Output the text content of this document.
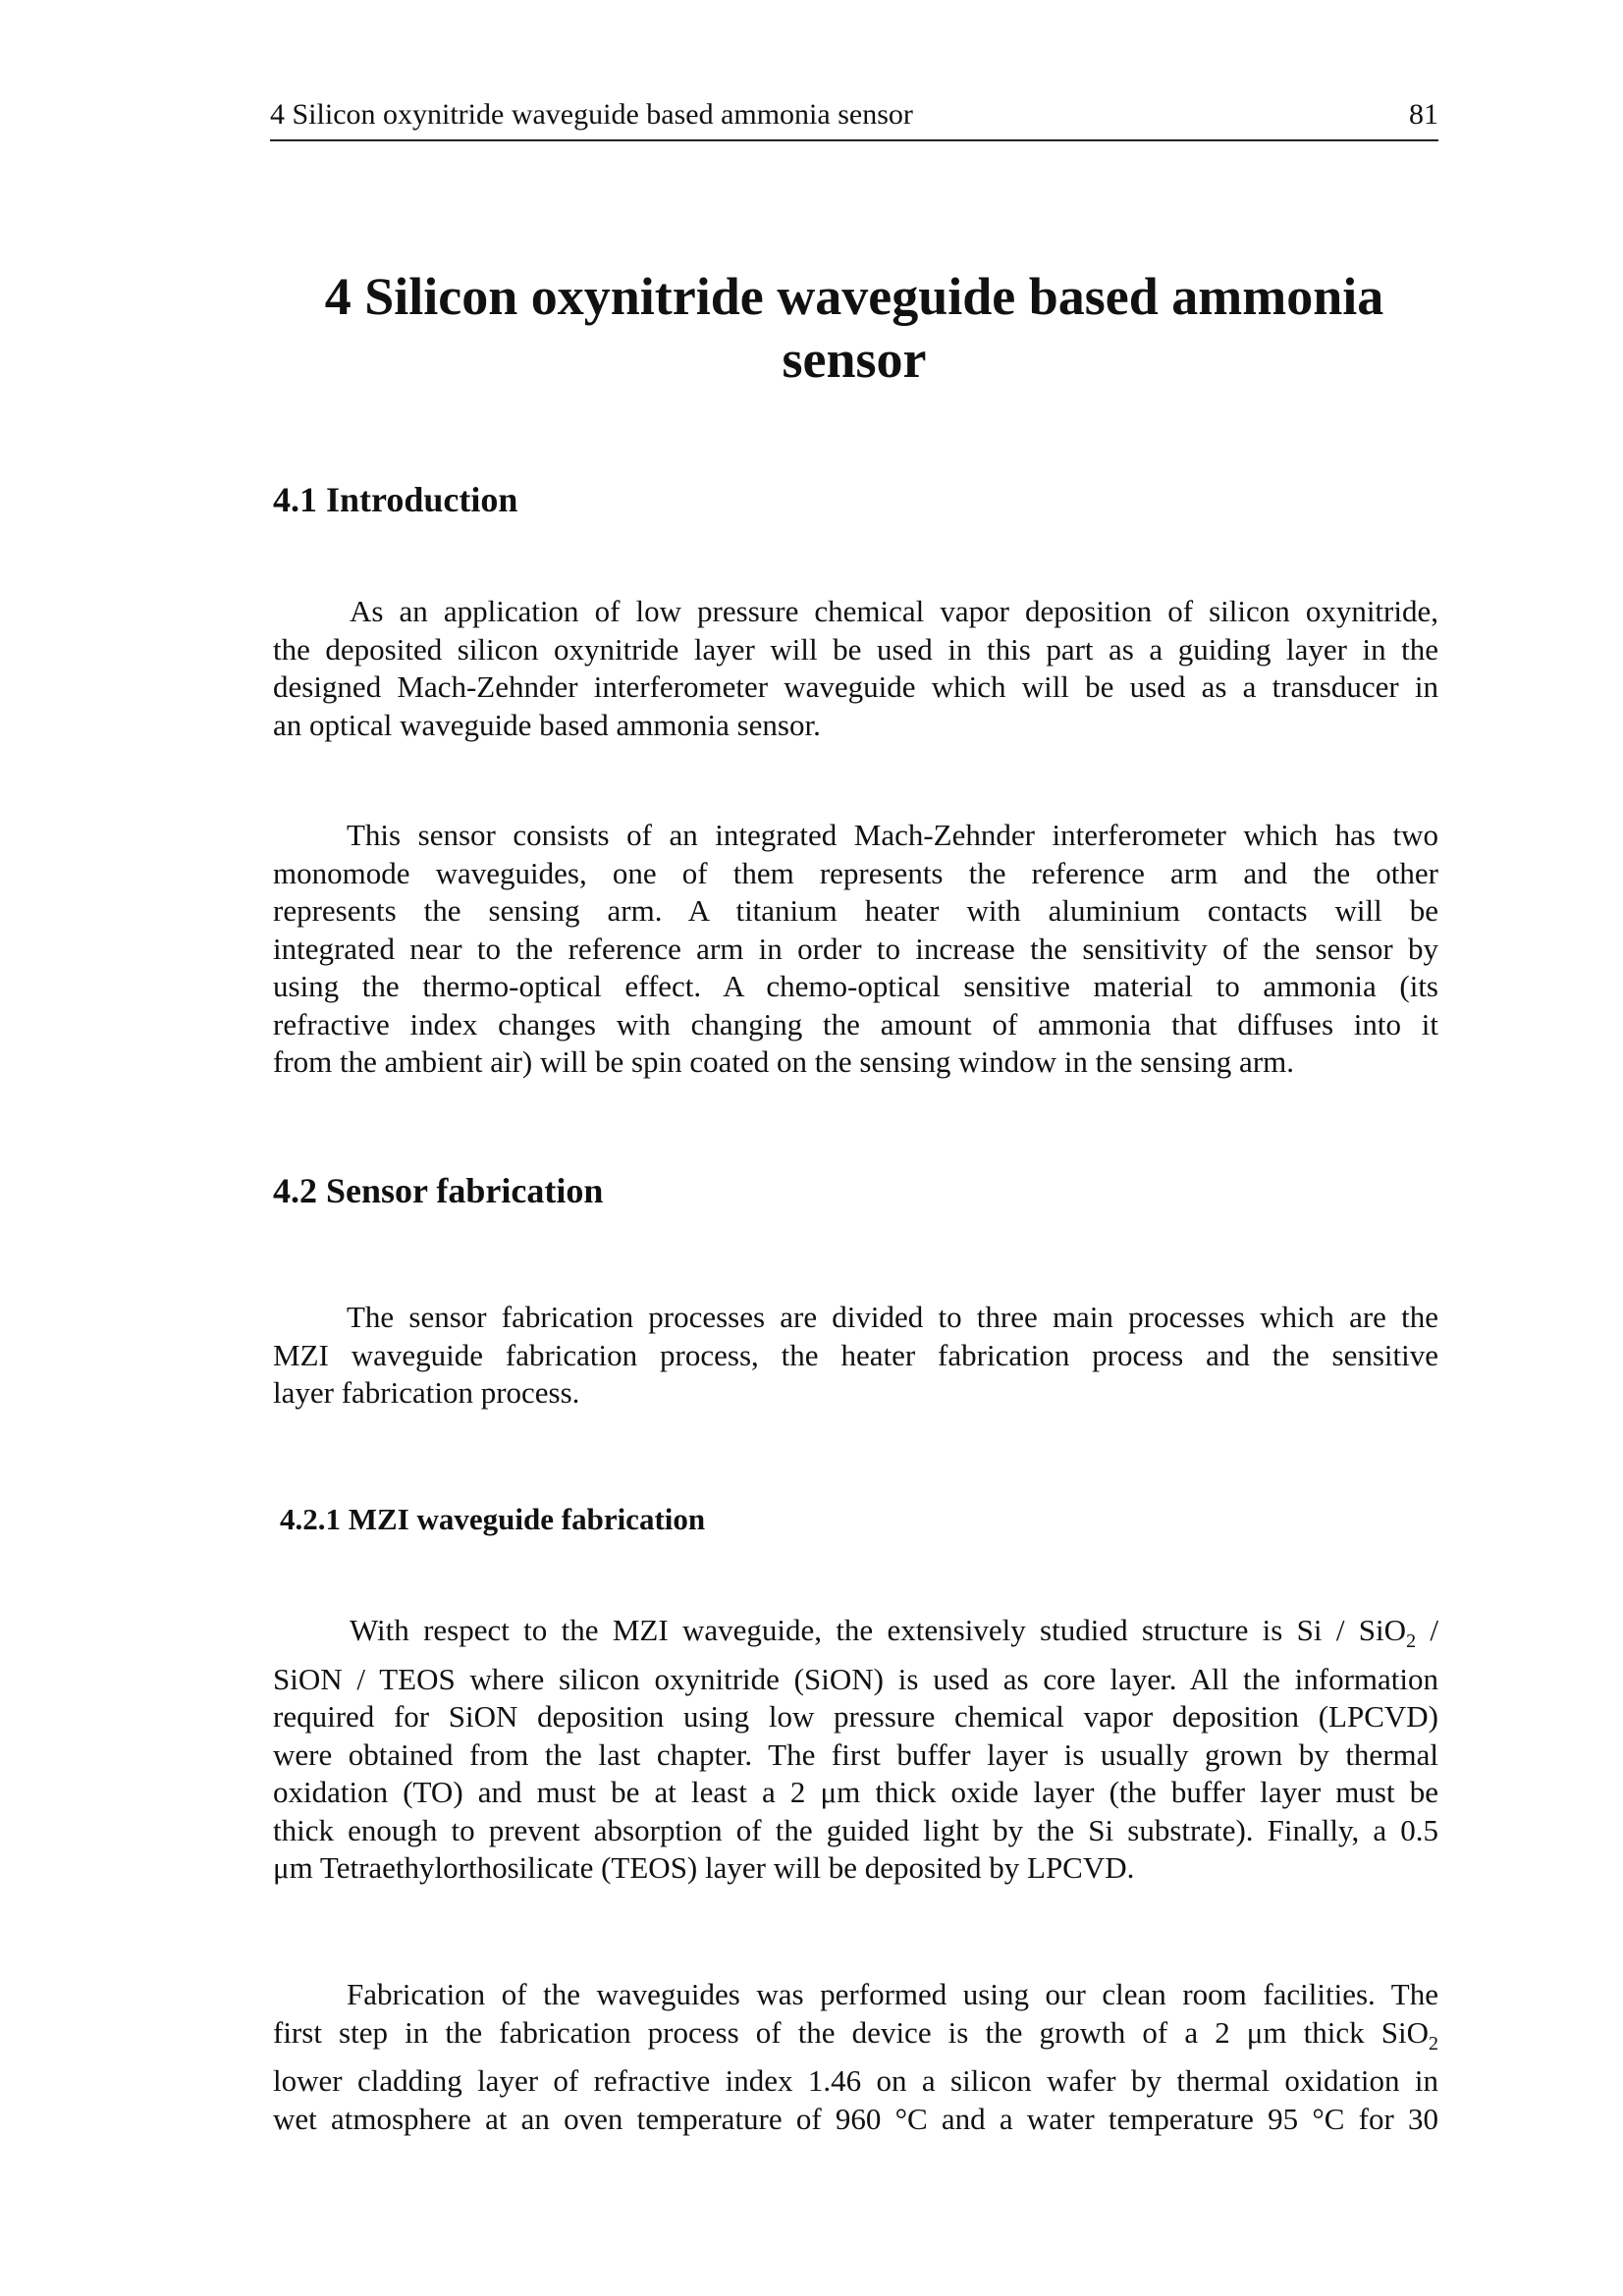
4 Silicon oxynitride waveguide based ammonia sensor	81
4 Silicon oxynitride waveguide based ammonia
sensor
4.1 Introduction
As an application of low pressure chemical vapor deposition of silicon oxynitride,
the deposited silicon oxynitride layer will be used in this part as a guiding layer in the
designed Mach-Zehnder interferometer waveguide which will be used as a transducer in
an optical waveguide based ammonia sensor.
This sensor consists of an integrated Mach-Zehnder interferometer which has two
monomode waveguides, one of them represents the reference arm and the other
represents the sensing arm. A titanium heater with aluminium contacts will be
integrated near to the reference arm in order to increase the sensitivity of the sensor by
using the thermo-optical effect. A chemo-optical sensitive material to ammonia (its
refractive index changes with changing the amount of ammonia that diffuses into it
from the ambient air) will be spin coated on the sensing window in the sensing arm.
4.2 Sensor fabrication
The sensor fabrication processes are divided to three main processes which are the
MZI waveguide fabrication process, the heater fabrication process and the sensitive
layer fabrication process.
4.2.1 MZI waveguide fabrication
With respect to the MZI waveguide, the extensively studied structure is Si / SiO$_2$ /
SiON / TEOS where silicon oxynitride (SiON) is used as core layer. All the information
required for SiON deposition using low pressure chemical vapor deposition (LPCVD)
were obtained from the last chapter. The first buffer layer is usually grown by thermal
oxidation (TO) and must be at least a 2 μm thick oxide layer (the buffer layer must be
thick enough to prevent absorption of the guided light by the Si substrate). Finally, a 0.5
μm Tetraethylorthosilicate (TEOS) layer will be deposited by LPCVD.
Fabrication of the waveguides was performed using our clean room facilities. The
first step in the fabrication process of the device is the growth of a 2 μm thick SiO$_2$
lower cladding layer of refractive index 1.46 on a silicon wafer by thermal oxidation in
wet atmosphere at an oven temperature of 960 °C and a water temperature 95 °C for 30
